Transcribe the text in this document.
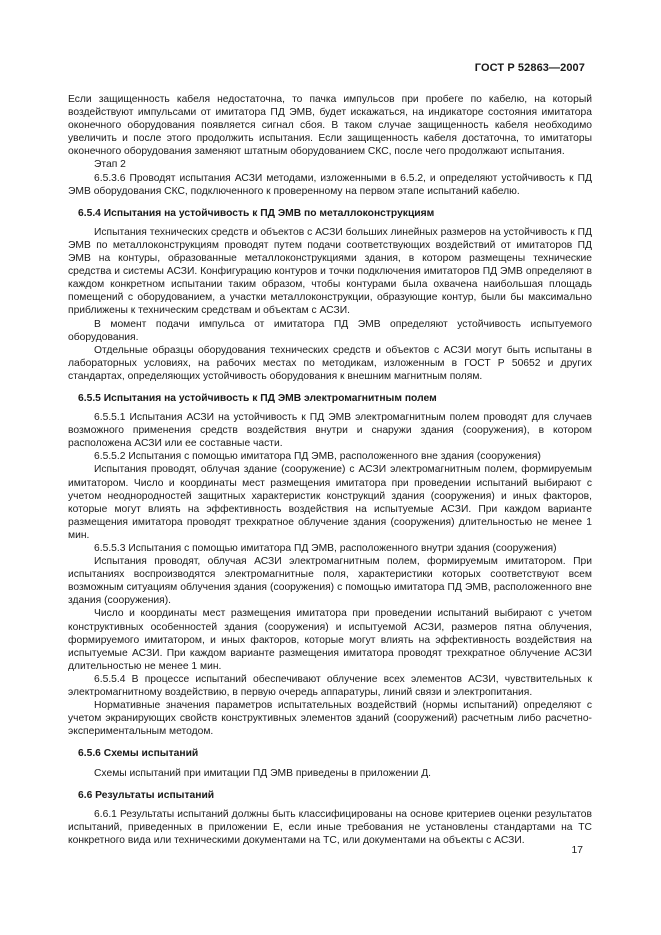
ГОСТ Р 52863—2007

Если защищенность кабеля недостаточна, то пачка импульсов при пробеге по кабелю, на который воздействуют импульсами от имитатора ПД ЭМВ, будет искажаться, на индикаторе состояния имитатора оконечного оборудования появляется сигнал сбоя. В таком случае защищенность кабеля необходимо увеличить и после этого продолжить испытания. Если защищенность кабеля достаточна, то имитаторы оконечного оборудования заменяют штатным оборудованием СКС, после чего продолжают испытания.

Этап 2

6.5.3.6 Проводят испытания АСЗИ методами, изложенными в 6.5.2, и определяют устойчивость к ПД ЭМВ оборудования СКС, подключенного к проверенному на первом этапе испытаний кабелю.

6.5.4 Испытания на устойчивость к ПД ЭМВ по металлоконструкциям

Испытания технических средств и объектов с АСЗИ больших линейных размеров на устойчивость к ПД ЭМВ по металлоконструкциям проводят путем подачи соответствующих воздействий от имитаторов ПД ЭМВ на контуры, образованные металлоконструкциями здания, в котором размещены технические средства и системы АСЗИ. Конфигурацию контуров и точки подключения имитаторов ПД ЭМВ определяют в каждом конкретном испытании таким образом, чтобы контурами была охвачена наибольшая площадь помещений с оборудованием, а участки металлоконструкции, образующие контур, были бы максимально приближены к техническим средствам и объектам с АСЗИ.

В момент подачи импульса от имитатора ПД ЭМВ определяют устойчивость испытуемого оборудования.

Отдельные образцы оборудования технических средств и объектов с АСЗИ могут быть испытаны в лабораторных условиях, на рабочих местах по методикам, изложенным в ГОСТ Р 50652 и других стандартах, определяющих устойчивость оборудования к внешним магнитным полям.

6.5.5 Испытания на устойчивость к ПД ЭМВ электромагнитным полем

6.5.5.1 Испытания АСЗИ на устойчивость к ПД ЭМВ электромагнитным полем проводят для случаев возможного применения средств воздействия внутри и снаружи здания (сооружения), в котором расположена АСЗИ или ее составные части.

6.5.5.2 Испытания с помощью имитатора ПД ЭМВ, расположенного вне здания (сооружения)

Испытания проводят, облучая здание (сооружение) с АСЗИ электромагнитным полем, формируемым имитатором. Число и координаты мест размещения имитатора при проведении испытаний выбирают с учетом неоднородностей защитных характеристик конструкций здания (сооружения) и иных факторов, которые могут влиять на эффективность воздействия на испытуемые АСЗИ. При каждом варианте размещения имитатора проводят трехкратное облучение здания (сооружения) длительностью не менее 1 мин.

6.5.5.3 Испытания с помощью имитатора ПД ЭМВ, расположенного внутри здания (сооружения)

Испытания проводят, облучая АСЗИ электромагнитным полем, формируемым имитатором. При испытаниях воспроизводятся электромагнитные поля, характеристики которых соответствуют всем возможным ситуациям облучения здания (сооружения) с помощью имитатора ПД ЭМВ, расположенного вне здания (сооружения).

Число и координаты мест размещения имитатора при проведении испытаний выбирают с учетом конструктивных особенностей здания (сооружения) и испытуемой АСЗИ, размеров пятна облучения, формируемого имитатором, и иных факторов, которые могут влиять на эффективность воздействия на испытуемые АСЗИ. При каждом варианте размещения имитатора проводят трехкратное облучение АСЗИ длительностью не менее 1 мин.

6.5.5.4 В процессе испытаний обеспечивают облучение всех элементов АСЗИ, чувствительных к электромагнитному воздействию, в первую очередь аппаратуры, линий связи и электропитания.

Нормативные значения параметров испытательных воздействий (нормы испытаний) определяют с учетом экранирующих свойств конструктивных элементов зданий (сооружений) расчетным либо расчетно-экспериментальным методом.

6.5.6 Схемы испытаний

Схемы испытаний при имитации ПД ЭМВ приведены в приложении Д.

6.6 Результаты испытаний

6.6.1 Результаты испытаний должны быть классифицированы на основе критериев оценки результатов испытаний, приведенных в приложении Е, если иные требования не установлены стандартами на ТС конкретного вида или техническими документами на ТС, или документами на объекты с АСЗИ.

17
